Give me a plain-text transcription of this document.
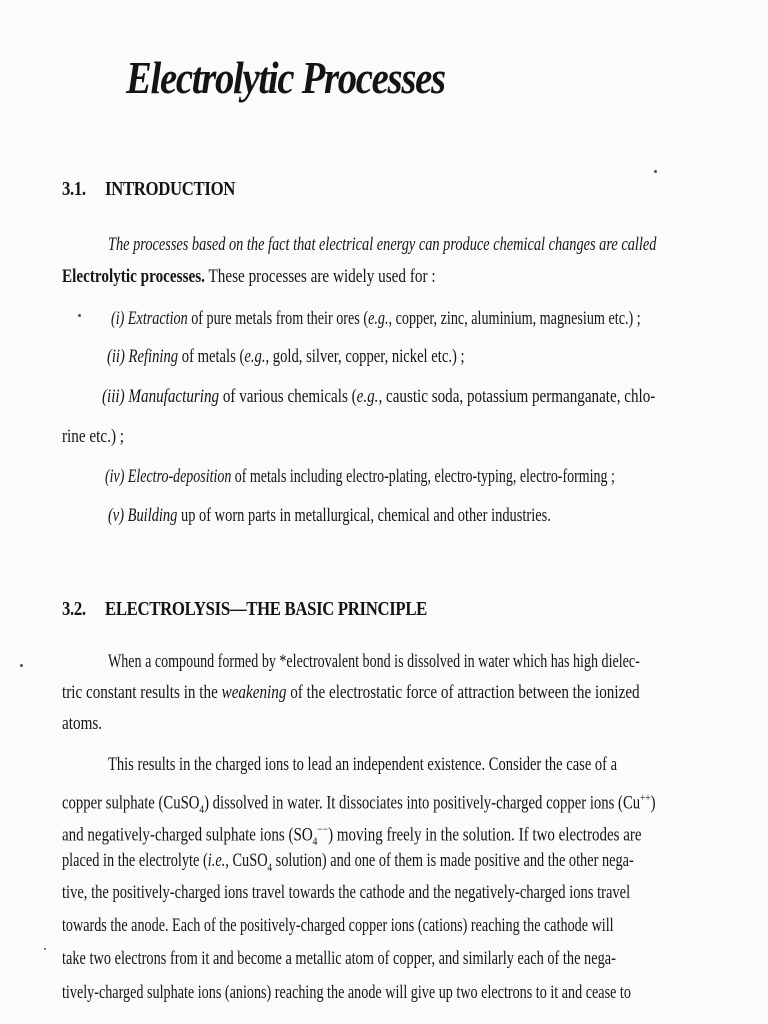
Electrolytic Processes
3.1. INTRODUCTION
The processes based on the fact that electrical energy can produce chemical changes are called
Electrolytic processes. These processes are widely used for :
(i) Extraction of pure metals from their ores (e.g., copper, zinc, aluminium, magnesium etc.) ;
(ii) Refining of metals (e.g., gold, silver, copper, nickel etc.) ;
(iii) Manufacturing of various chemicals (e.g., caustic soda, potassium permanganate, chlo-
rine etc.) ;
(iv) Electro-deposition of metals including electro-plating, electro-typing, electro-forming ;
(v) Building up of worn parts in metallurgical, chemical and other industries.
3.2. ELECTROLYSIS—THE BASIC PRINCIPLE
When a compound formed by *electrovalent bond is dissolved in water which has high dielec-
tric constant results in the weakening of the electrostatic force of attraction between the ionized
atoms.
This results in the charged ions to lead an independent existence. Consider the case of a
copper sulphate (CuSO$_4$) dissolved in water. It dissociates into positively-charged copper ions (Cu++)
and negatively-charged sulphate ions $(SO_4^{--})$ moving freely in the solution. If two electrodes are
placed in the electrolyte (i.e., CuSO$_4$ solution) and one of them is made positive and the other nega-
tive, the positively-charged ions travel towards the cathode and the negatively-charged ions travel
towards the anode. Each of the positively-charged copper ions (cations) reaching the cathode will
take two electrons from it and become a metallic atom of copper, and similarly each of the nega-
tively-charged sulphate ions (anions) reaching the anode will give up two electrons to it and cease to
